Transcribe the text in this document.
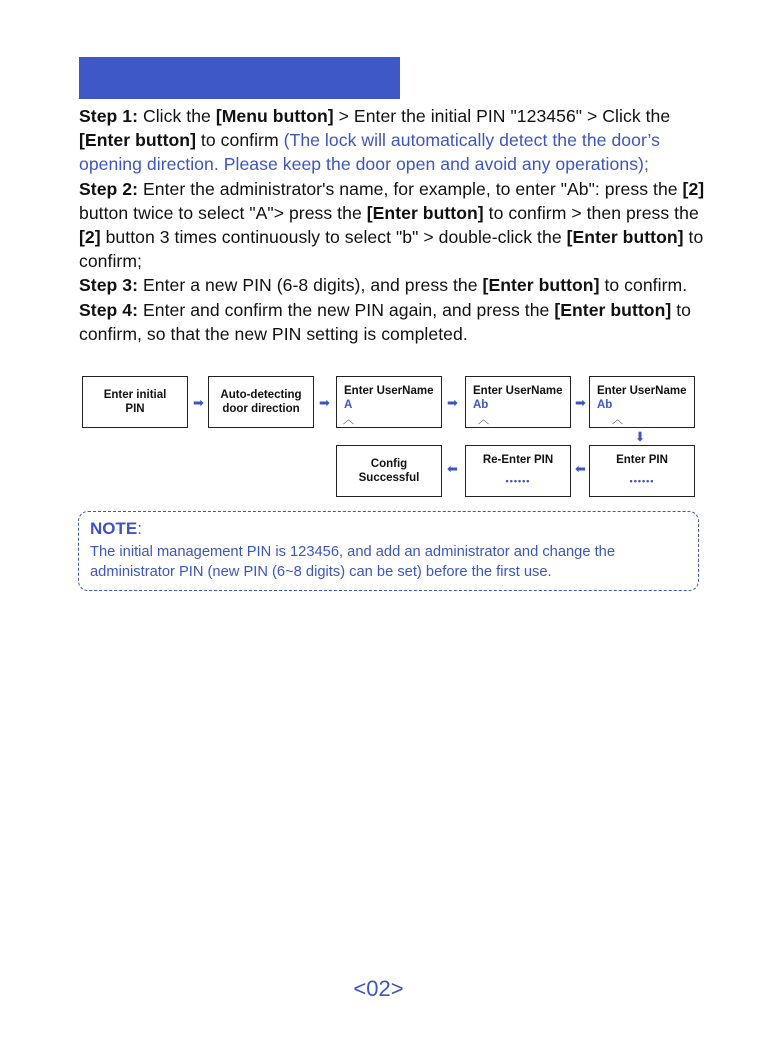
Step 1: Click the [Menu button] > Enter the initial PIN "123456" > Click the [Enter button] to confirm (The lock will automatically detect the the door’s opening direction. Please keep the door open and avoid any operations);

Step 2: Enter the administrator's name, for example, to enter "Ab": press the [2] button twice to select "A"> press the [Enter button] to confirm > then press the [2] button 3 times continuously to select "b" > double-click the [Enter button] to confirm;

Step 3: Enter a new PIN (6-8 digits), and press the [Enter button] to confirm.

Step 4: Enter and confirm the new PIN again, and press the [Enter button] to confirm, so that the new PIN setting is completed.

Enter initial PIN	➡	Auto-detecting door direction	➡
Enter UserName
A
︿
➡
Enter UserName
Ab
︿
➡
Enter UserName
Ab
︿
➡
Config Successful
➡
Re-Enter PIN
••••••
➡
Enter PIN
••••••
NOTE:
The initial management PIN is 123456, and add an administrator and change the administrator PIN (new PIN (6~8 digits) can be set) before the first use.
<02>
